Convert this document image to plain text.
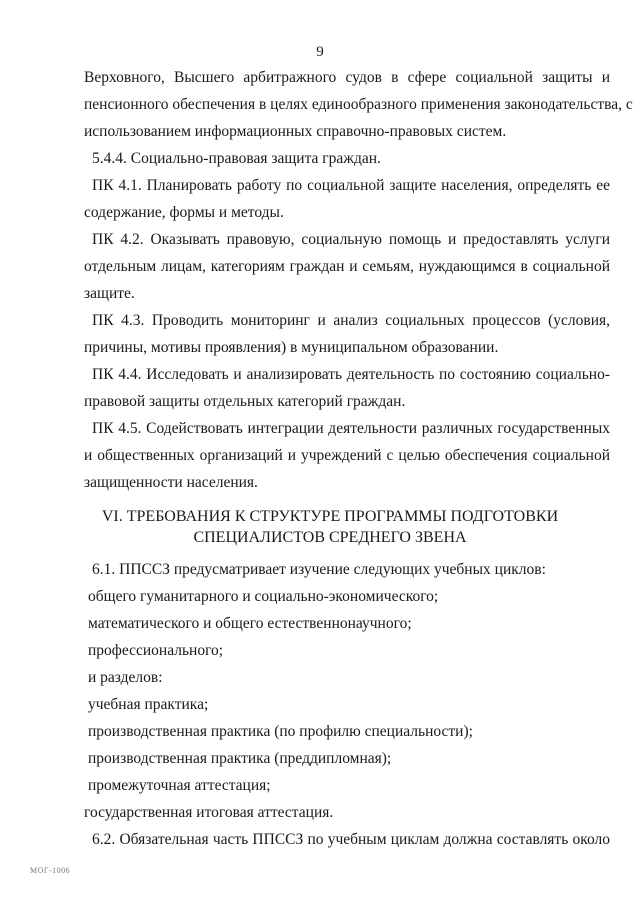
9
Верховного, Высшего арбитражного судов в сфере социальной защиты и
пенсионного обеспечения в целях единообразного применения законодательства, с
использованием информационных справочно-правовых систем.
5.4.4. Социально-правовая защита граждан.
ПК 4.1. Планировать работу по социальной защите населения, определять ее
содержание, формы и методы.
ПК 4.2. Оказывать правовую, социальную помощь и предоставлять услуги
отдельным лицам, категориям граждан и семьям, нуждающимся в социальной
защите.
ПК 4.3. Проводить мониторинг и анализ социальных процессов (условия,
причины, мотивы проявления) в муниципальном образовании.
ПК 4.4. Исследовать и анализировать деятельность по состоянию социально-
правовой защиты отдельных категорий граждан.
ПК 4.5. Содействовать интеграции деятельности различных государственных
и общественных организаций и учреждений с целью обеспечения социальной
защищенности населения.
VI. ТРЕБОВАНИЯ К СТРУКТУРЕ ПРОГРАММЫ ПОДГОТОВКИ
СПЕЦИАЛИСТОВ СРЕДНЕГО ЗВЕНА
6.1. ППССЗ предусматривает изучение следующих учебных циклов:
общего гуманитарного и социально-экономического;
математического и общего естественнонаучного;
профессионального;
и разделов:
учебная практика;
производственная практика (по профилю специальности);
производственная практика (преддипломная);
промежуточная аттестация;
государственная итоговая аттестация.
6.2. Обязательная часть ППССЗ по учебным циклам должна составлять около
МОГ-1006
